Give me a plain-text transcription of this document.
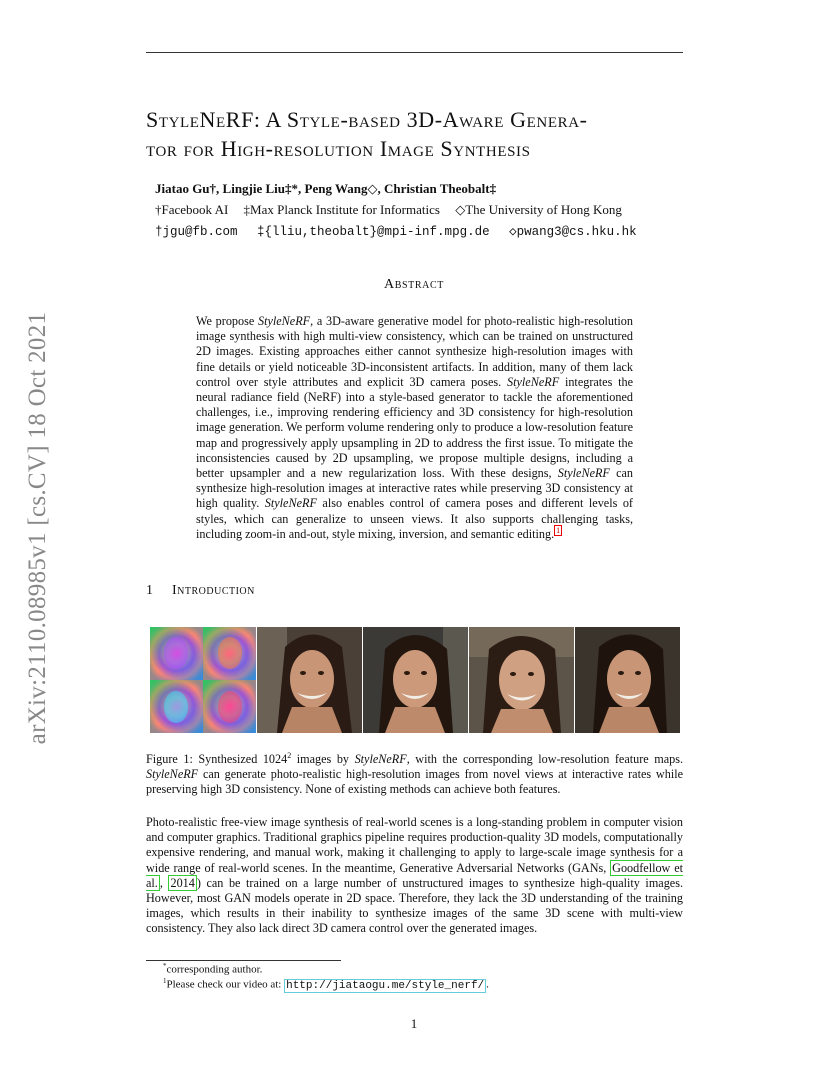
arXiv:2110.08985v1 [cs.CV] 18 Oct 2021
StyleNeRF: A Style-based 3D-Aware Genera-
tor for High-resolution Image Synthesis
Jiatao Gu†, Lingjie Liu‡*, Peng Wang◇, Christian Theobalt‡
†Facebook AI ‡Max Planck Institute for Informatics ◇The University of Hong Kong
†jgu@fb.com ‡{lliu,theobalt}@mpi-inf.mpg.de ◇pwang3@cs.hku.hk
Abstract
We propose StyleNeRF, a 3D-aware generative model for photo-realistic high-resolution image synthesis with high multi-view consistency, which can be trained on unstructured 2D images. Existing approaches either cannot synthesize high-resolution images with fine details or yield noticeable 3D-inconsistent artifacts. In addition, many of them lack control over style attributes and explicit 3D camera poses. StyleNeRF integrates the neural radiance field (NeRF) into a style-based generator to tackle the aforementioned challenges, i.e., improving rendering efficiency and 3D consistency for high-resolution image generation. We perform volume rendering only to produce a low-resolution feature map and progressively apply upsampling in 2D to address the first issue. To mitigate the inconsistencies caused by 2D upsampling, we propose multiple designs, including a better upsampler and a new regularization loss. With these designs, StyleNeRF can synthesize high-resolution images at interactive rates while preserving 3D consistency at high quality. StyleNeRF also enables control of camera poses and different levels of styles, which can generalize to unseen views. It also supports challenging tasks, including zoom-in and-out, style mixing, inversion, and semantic editing. $^1$
1 Introduction
Figure 1: Synthesized 1024$^2$ images by StyleNeRF, with the corresponding low-resolution feature maps. StyleNeRF can generate photo-realistic high-resolution images from novel views at interactive rates while preserving high 3D consistency. None of existing methods can achieve both features.
Photo-realistic free-view image synthesis of real-world scenes is a long-standing problem in computer vision and computer graphics. Traditional graphics pipeline requires production-quality 3D models, computationally expensive rendering, and manual work, making it challenging to apply to large-scale image synthesis for a wide range of real-world scenes. In the meantime, Generative Adversarial Networks (GANs, Goodfellow et al. , 2014 ) can be trained on a large number of unstructured images to synthesize high-quality images. However, most GAN models operate in 2D space. Therefore, they lack the 3D understanding of the training images, which results in their inability to synthesize images of the same 3D scene with multi-view consistency. They also lack direct 3D camera control over the generated images.
*corresponding author.
$^1$Please check our video at: http://jiataogu.me/style_nerf/ .
1
